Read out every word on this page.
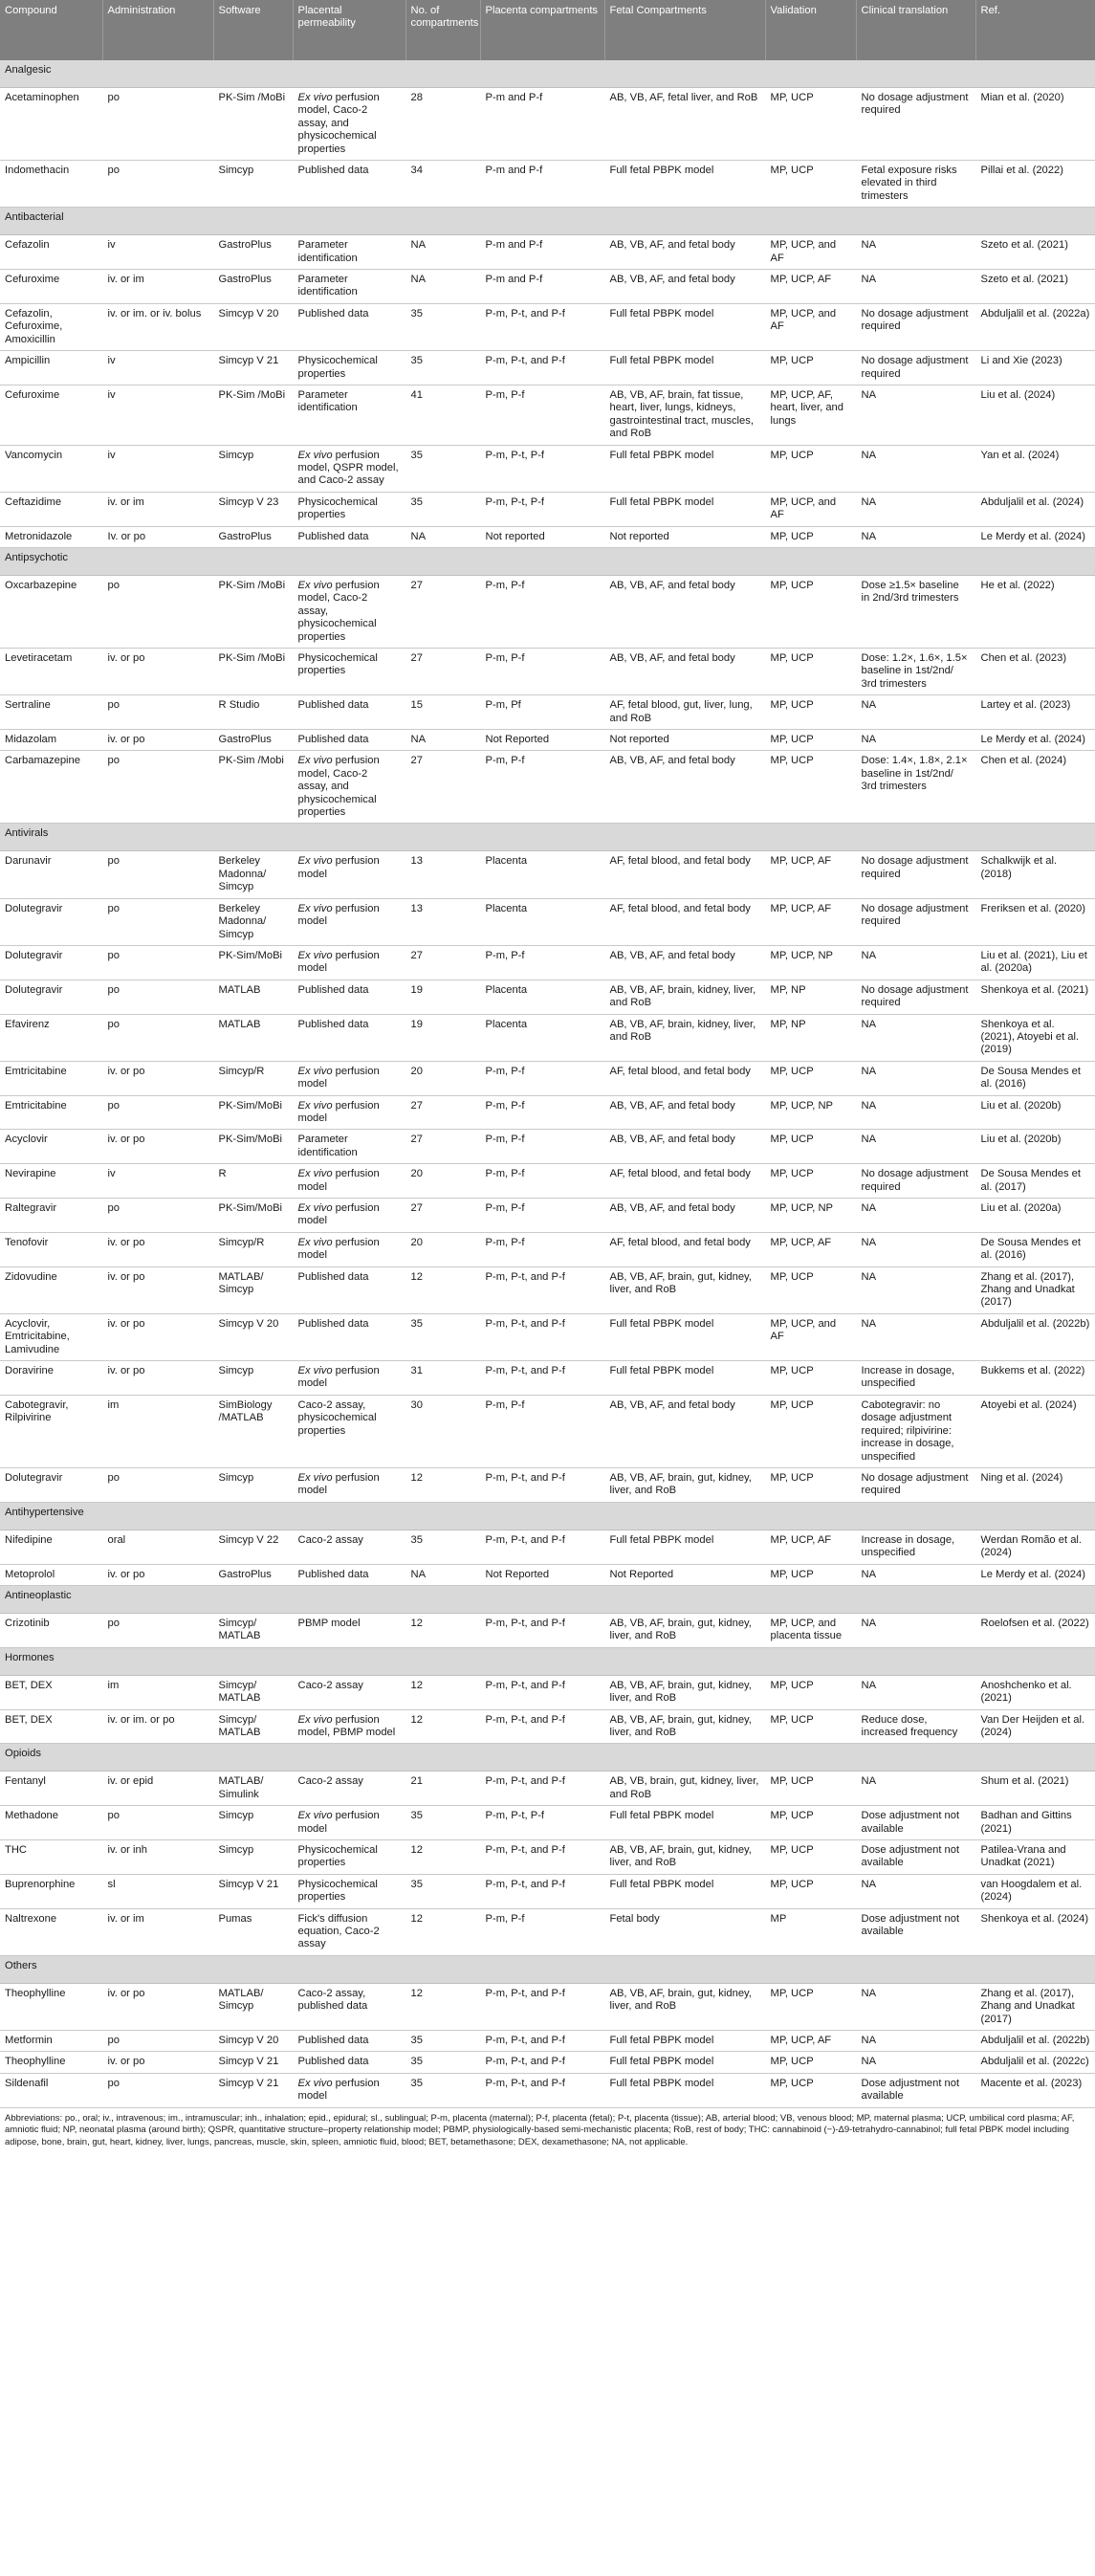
Compound	Administration	Software	Placental permeability	No. of compartments	Placenta compartments	Fetal Compartments	Validation	Clinical translation	Ref.
Analgesic									
Acetaminophen	po	PK-Sim /MoBi	Ex vivo perfusion model, Caco-2 assay, and physicochemical properties	28	P-m and P-f	AB, VB, AF, fetal liver, and RoB	MP, UCP	No dosage adjustment required	Mian et al. (2020)
Indomethacin	po	Simcyp	Published data	34	P-m and P-f	Full fetal PBPK model	MP, UCP	Fetal exposure risks elevated in third trimesters	Pillai et al. (2022)
Antibacterial									
Cefazolin	iv	GastroPlus	Parameter identification	NA	P-m and P-f	AB, VB, AF, and fetal body	MP, UCP, and AF	NA	Szeto et al. (2021)
Cefuroxime	iv. or im	GastroPlus	Parameter identification	NA	P-m and P-f	AB, VB, AF, and fetal body	MP, UCP, AF	NA	Szeto et al. (2021)
Cefazolin, Cefuroxime, Amoxicillin	iv. or im. or iv. bolus	Simcyp V 20	Published data	35	P-m, P-t, and P-f	Full fetal PBPK model	MP, UCP, and AF	No dosage adjustment required	Abduljalil et al. (2022a)
Ampicillin	iv	Simcyp V 21	Physicochemical properties	35	P-m, P-t, and P-f	Full fetal PBPK model	MP, UCP	No dosage adjustment required	Li and Xie (2023)
Cefuroxime	iv	PK-Sim /MoBi	Parameter identification	41	P-m, P-f	AB, VB, AF, brain, fat tissue, heart, liver, lungs, kidneys, gastrointestinal tract, muscles, and RoB	MP, UCP, AF, heart, liver, and lungs	NA	Liu et al. (2024)
Vancomycin	iv	Simcyp	Ex vivo perfusion model, QSPR model, and Caco-2 assay	35	P-m, P-t, P-f	Full fetal PBPK model	MP, UCP	NA	Yan et al. (2024)
Ceftazidime	iv. or im	Simcyp V 23	Physicochemical properties	35	P-m, P-t, P-f	Full fetal PBPK model	MP, UCP, and AF	NA	Abduljalil et al. (2024)
Metronidazole	Iv. or po	GastroPlus	Published data	NA	Not reported	Not reported	MP, UCP	NA	Le Merdy et al. (2024)
Antipsychotic									
Oxcarbazepine	po	PK-Sim /MoBi	Ex vivo perfusion model, Caco-2 assay, physicochemical properties	27	P-m, P-f	AB, VB, AF, and fetal body	MP, UCP	Dose ≥1.5× baseline in 2nd/3rd trimesters	He et al. (2022)
Levetiracetam	iv. or po	PK-Sim /MoBi	Physicochemical properties	27	P-m, P-f	AB, VB, AF, and fetal body	MP, UCP	Dose: 1.2×, 1.6×, 1.5× baseline in 1st/2nd/ 3rd trimesters	Chen et al. (2023)
Sertraline	po	R Studio	Published data	15	P-m, Pf	AF, fetal blood, gut, liver, lung, and RoB	MP, UCP	NA	Lartey et al. (2023)
Midazolam	iv. or po	GastroPlus	Published data	NA	Not Reported	Not reported	MP, UCP	NA	Le Merdy et al. (2024)
Carbamazepine	po	PK-Sim /Mobi	Ex vivo perfusion model, Caco-2 assay, and physicochemical properties	27	P-m, P-f	AB, VB, AF, and fetal body	MP, UCP	Dose: 1.4×, 1.8×, 2.1× baseline in 1st/2nd/ 3rd trimesters	Chen et al. (2024)
Antivirals									
Darunavir	po	Berkeley Madonna/ Simcyp	Ex vivo perfusion model	13	Placenta	AF, fetal blood, and fetal body	MP, UCP, AF	No dosage adjustment required	Schalkwijk et al. (2018)
Dolutegravir	po	Berkeley Madonna/ Simcyp	Ex vivo perfusion model	13	Placenta	AF, fetal blood, and fetal body	MP, UCP, AF	No dosage adjustment required	Freriksen et al. (2020)
Dolutegravir	po	PK-Sim/MoBi	Ex vivo perfusion model	27	P-m, P-f	AB, VB, AF, and fetal body	MP, UCP, NP	NA	Liu et al. (2021), Liu et al. (2020a)
Dolutegravir	po	MATLAB	Published data	19	Placenta	AB, VB, AF, brain, kidney, liver, and RoB	MP, NP	No dosage adjustment required	Shenkoya et al. (2021)
Efavirenz	po	MATLAB	Published data	19	Placenta	AB, VB, AF, brain, kidney, liver, and RoB	MP, NP	NA	Shenkoya et al. (2021), Atoyebi et al. (2019)
Emtricitabine	iv. or po	Simcyp/R	Ex vivo perfusion model	20	P-m, P-f	AF, fetal blood, and fetal body	MP, UCP	NA	De Sousa Mendes et al. (2016)
Emtricitabine	po	PK-Sim/MoBi	Ex vivo perfusion model	27	P-m, P-f	AB, VB, AF, and fetal body	MP, UCP, NP	NA	Liu et al. (2020b)
Acyclovir	iv. or po	PK-Sim/MoBi	Parameter identification	27	P-m, P-f	AB, VB, AF, and fetal body	MP, UCP	NA	Liu et al. (2020b)
Nevirapine	iv	R	Ex vivo perfusion model	20	P-m, P-f	AF, fetal blood, and fetal body	MP, UCP	No dosage adjustment required	De Sousa Mendes et al. (2017)
Raltegravir	po	PK-Sim/MoBi	Ex vivo perfusion model	27	P-m, P-f	AB, VB, AF, and fetal body	MP, UCP, NP	NA	Liu et al. (2020a)
Tenofovir	iv. or po	Simcyp/R	Ex vivo perfusion model	20	P-m, P-f	AF, fetal blood, and fetal body	MP, UCP, AF	NA	De Sousa Mendes et al. (2016)
Zidovudine	iv. or po	MATLAB/ Simcyp	Published data	12	P-m, P-t, and P-f	AB, VB, AF, brain, gut, kidney, liver, and RoB	MP, UCP	NA	Zhang et al. (2017), Zhang and Unadkat (2017)
Acyclovir, Emtricitabine, Lamivudine	iv. or po	Simcyp V 20	Published data	35	P-m, P-t, and P-f	Full fetal PBPK model	MP, UCP, and AF	NA	Abduljalil et al. (2022b)
Doravirine	iv. or po	Simcyp	Ex vivo perfusion model	31	P-m, P-t, and P-f	Full fetal PBPK model	MP, UCP	Increase in dosage, unspecified	Bukkems et al. (2022)
Cabotegravir, Rilpivirine	im	SimBiology /MATLAB	Caco-2 assay, physicochemical properties	30	P-m, P-f	AB, VB, AF, and fetal body	MP, UCP	Cabotegravir: no dosage adjustment required; rilpivirine: increase in dosage, unspecified	Atoyebi et al. (2024)
Dolutegravir	po	Simcyp	Ex vivo perfusion model	12	P-m, P-t, and P-f	AB, VB, AF, brain, gut, kidney, liver, and RoB	MP, UCP	No dosage adjustment required	Ning et al. (2024)
Antihypertensive									
Nifedipine	oral	Simcyp V 22	Caco-2 assay	35	P-m, P-t, and P-f	Full fetal PBPK model	MP, UCP, AF	Increase in dosage, unspecified	Werdan Romão et al. (2024)
Metoprolol	iv. or po	GastroPlus	Published data	NA	Not Reported	Not Reported	MP, UCP	NA	Le Merdy et al. (2024)
Antineoplastic									
Crizotinib	po	Simcyp/ MATLAB	PBMP model	12	P-m, P-t, and P-f	AB, VB, AF, brain, gut, kidney, liver, and RoB	MP, UCP, and placenta tissue	NA	Roelofsen et al. (2022)
Hormones									
BET, DEX	im	Simcyp/ MATLAB	Caco-2 assay	12	P-m, P-t, and P-f	AB, VB, AF, brain, gut, kidney, liver, and RoB	MP, UCP	NA	Anoshchenko et al. (2021)
BET, DEX	iv. or im. or po	Simcyp/ MATLAB	Ex vivo perfusion model, PBMP model	12	P-m, P-t, and P-f	AB, VB, AF, brain, gut, kidney, liver, and RoB	MP, UCP	Reduce dose, increased frequency	Van Der Heijden et al. (2024)
Opioids									
Fentanyl	iv. or epid	MATLAB/ Simulink	Caco-2 assay	21	P-m, P-t, and P-f	AB, VB, brain, gut, kidney, liver, and RoB	MP, UCP	NA	Shum et al. (2021)
Methadone	po	Simcyp	Ex vivo perfusion model	35	P-m, P-t, P-f	Full fetal PBPK model	MP, UCP	Dose adjustment not available	Badhan and Gittins (2021)
THC	iv. or inh	Simcyp	Physicochemical properties	12	P-m, P-t, and P-f	AB, VB, AF, brain, gut, kidney, liver, and RoB	MP, UCP	Dose adjustment not available	Patilea-Vrana and Unadkat (2021)
Buprenorphine	sl	Simcyp V 21	Physicochemical properties	35	P-m, P-t, and P-f	Full fetal PBPK model	MP, UCP	NA	van Hoogdalem et al. (2024)
Naltrexone	iv. or im	Pumas	Fick's diffusion equation, Caco-2 assay	12	P-m, P-f	Fetal body	MP	Dose adjustment not available	Shenkoya et al. (2024)
Others									
Theophylline	iv. or po	MATLAB/ Simcyp	Caco-2 assay, published data	12	P-m, P-t, and P-f	AB, VB, AF, brain, gut, kidney, liver, and RoB	MP, UCP	NA	Zhang et al. (2017), Zhang and Unadkat (2017)
Metformin	po	Simcyp V 20	Published data	35	P-m, P-t, and P-f	Full fetal PBPK model	MP, UCP, AF	NA	Abduljalil et al. (2022b)
Theophylline	iv. or po	Simcyp V 21	Published data	35	P-m, P-t, and P-f	Full fetal PBPK model	MP, UCP	NA	Abduljalil et al. (2022c)
Sildenafil	po	Simcyp V 21	Ex vivo perfusion model	35	P-m, P-t, and P-f	Full fetal PBPK model	MP, UCP	Dose adjustment not available	Macente et al. (2023)
Abbreviations: po., oral; iv., intravenous; im., intramuscular; inh., inhalation; epid., epidural; sl., sublingual; P-m, placenta (maternal); P-f, placenta (fetal); P-t, placenta (tissue); AB, arterial blood; VB, venous blood; MP, maternal plasma; UCP, umbilical cord plasma; AF, amniotic fluid; NP, neonatal plasma (around birth); QSPR, quantitative structure–property relationship model; PBMP, physiologically-based semi-mechanistic placenta; RoB, rest of body; THC: cannabinoid (−)-Δ9-tetrahydro-cannabinol; full fetal PBPK model including adipose, bone, brain, gut, heart, kidney, liver, lungs, pancreas, muscle, skin, spleen, amniotic fluid, blood; BET, betamethasone; DEX, dexamethasone; NA, not applicable.
